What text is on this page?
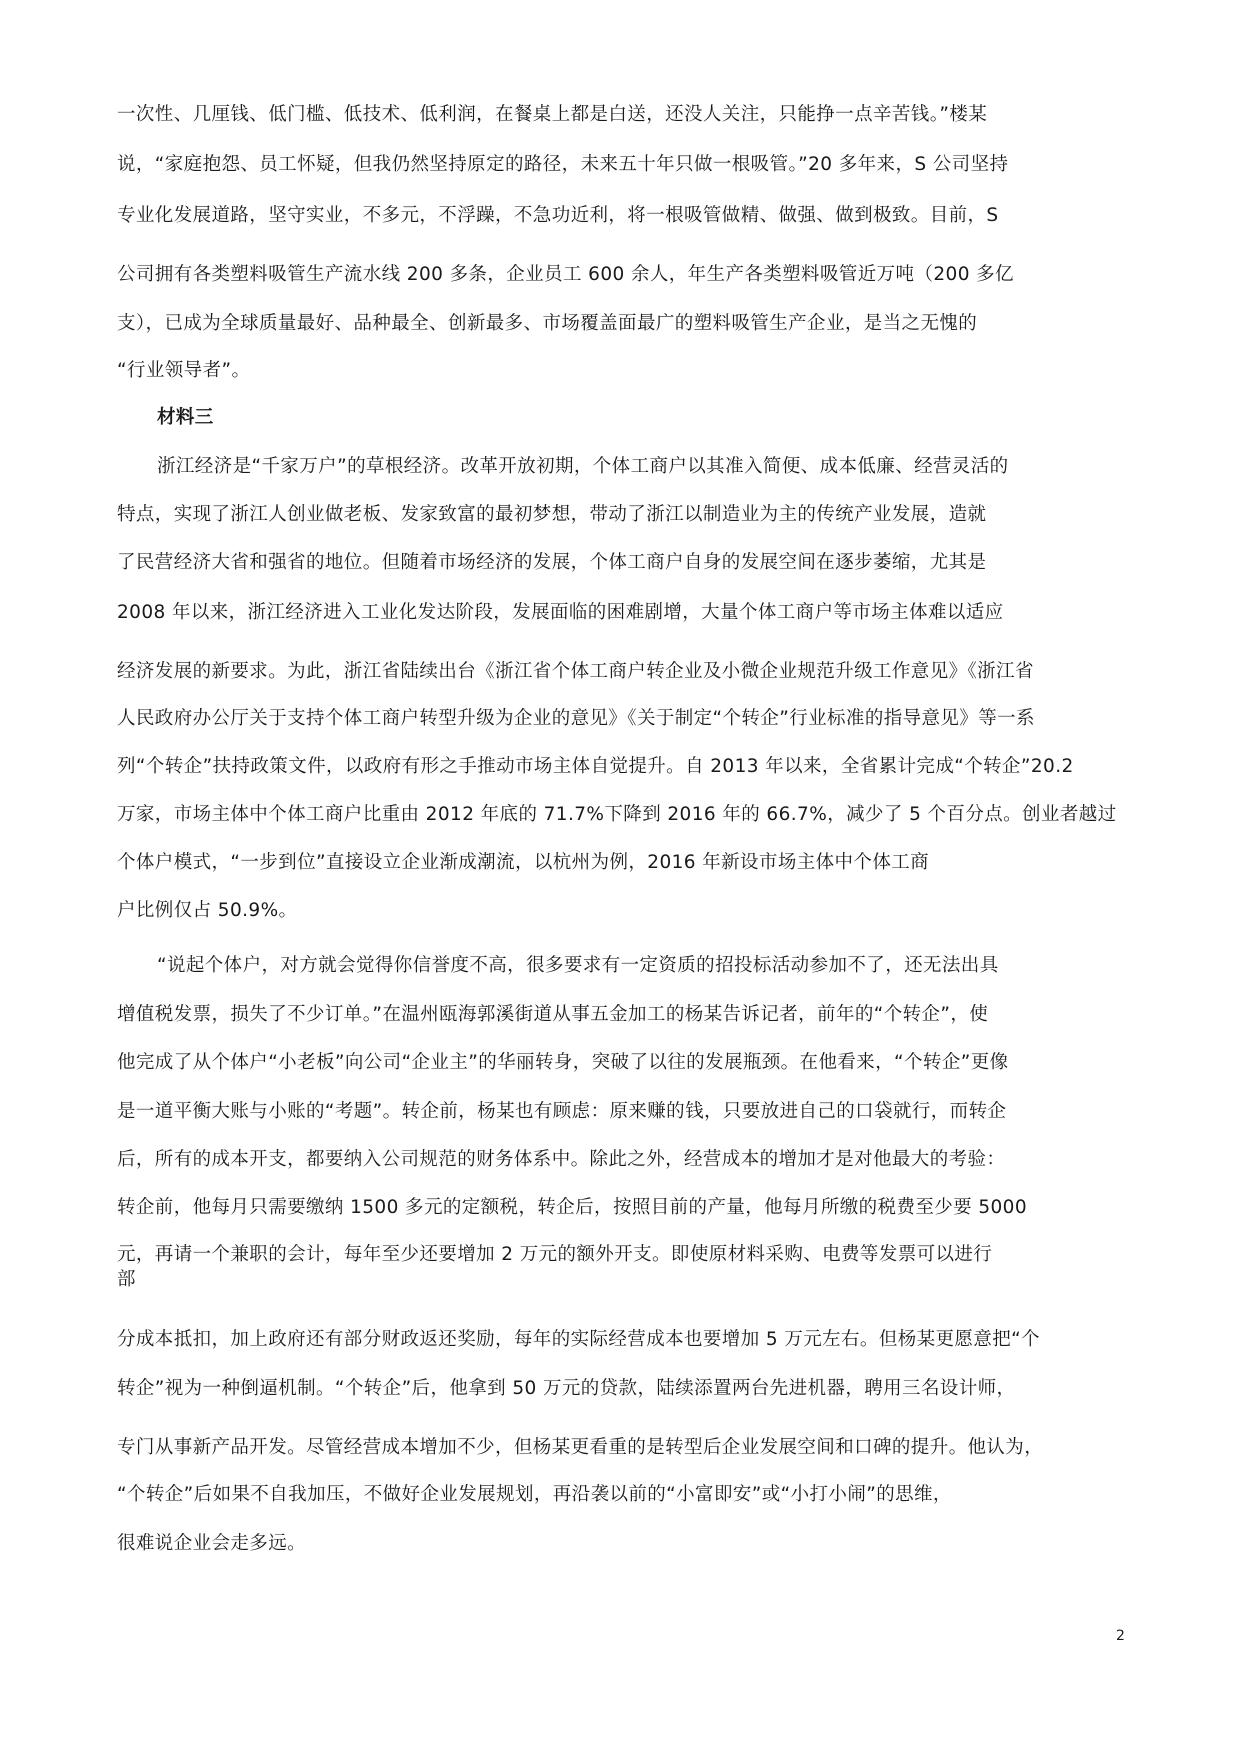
一次性、几厘钱、低门槛、低技术、低利润，在餐桌上都是白送，还没人关注，只能挣一点辛苦钱。”楼某
说，“家庭抱怨、员工怀疑，但我仍然坚持原定的路径，未来五十年只做一根吸管。”20 多年来，S 公司坚持
专业化发展道路，坚守实业，不多元，不浮躁，不急功近利，将一根吸管做精、做强、做到极致。目前，S
公司拥有各类塑料吸管生产流水线 200 多条，企业员工 600 余人，年生产各类塑料吸管近万吨（200 多亿
支），已成为全球质量最好、品种最全、创新最多、市场覆盖面最广的塑料吸管生产企业，是当之无愧的
“行业领导者”。
材料三
浙江经济是“千家万户”的草根经济。改革开放初期，个体工商户以其准入简便、成本低廉、经营灵活的
特点，实现了浙江人创业做老板、发家致富的最初梦想，带动了浙江以制造业为主的传统产业发展，造就
了民营经济大省和强省的地位。但随着市场经济的发展，个体工商户自身的发展空间在逐步萎缩，尤其是
2008 年以来，浙江经济进入工业化发达阶段，发展面临的困难剧增，大量个体工商户等市场主体难以适应
经济发展的新要求。为此，浙江省陆续出台《浙江省个体工商户转企业及小微企业规范升级工作意见》《浙江省
人民政府办公厅关于支持个体工商户转型升级为企业的意见》《关于制定“个转企”行业标准的指导意见》等一系
列“个转企”扶持政策文件，以政府有形之手推动市场主体自觉提升。自 2013 年以来，全省累计完成“个转企”20.2
万家，市场主体中个体工商户比重由 2012 年底的 71.7%下降到 2016 年的 66.7%，减少了 5 个百分点。创业者越过
个体户模式，“一步到位”直接设立企业渐成潮流，以杭州为例，2016 年新设市场主体中个体工商
户比例仅占 50.9%。
“说起个体户，对方就会觉得你信誉度不高，很多要求有一定资质的招投标活动参加不了，还无法出具
增值税发票，损失了不少订单。”在温州瓯海郭溪街道从事五金加工的杨某告诉记者，前年的“个转企”，使
他完成了从个体户“小老板”向公司“企业主”的华丽转身，突破了以往的发展瓶颈。在他看来，“个转企”更像
是一道平衡大账与小账的“考题”。转企前，杨某也有顾虑：原来赚的钱，只要放进自己的口袋就行，而转企
后，所有的成本开支，都要纳入公司规范的财务体系中。除此之外，经营成本的增加才是对他最大的考验：
转企前，他每月只需要缴纳 1500 多元的定额税，转企后，按照目前的产量，他每月所缴的税费至少要 5000
元，再请一个兼职的会计，每年至少还要增加 2 万元的额外开支。即使原材料采购、电费等发票可以进行
部
分成本抵扣，加上政府还有部分财政返还奖励，每年的实际经营成本也要增加 5 万元左右。但杨某更愿意把“个
转企”视为一种倒逼机制。“个转企”后，他拿到 50 万元的贷款，陆续添置两台先进机器，聘用三名设计师，
专门从事新产品开发。尽管经营成本增加不少，但杨某更看重的是转型后企业发展空间和口碑的提升。他认为，
“个转企”后如果不自我加压，不做好企业发展规划，再沿袭以前的“小富即安”或“小打小闹”的思维，
很难说企业会走多远。
2
